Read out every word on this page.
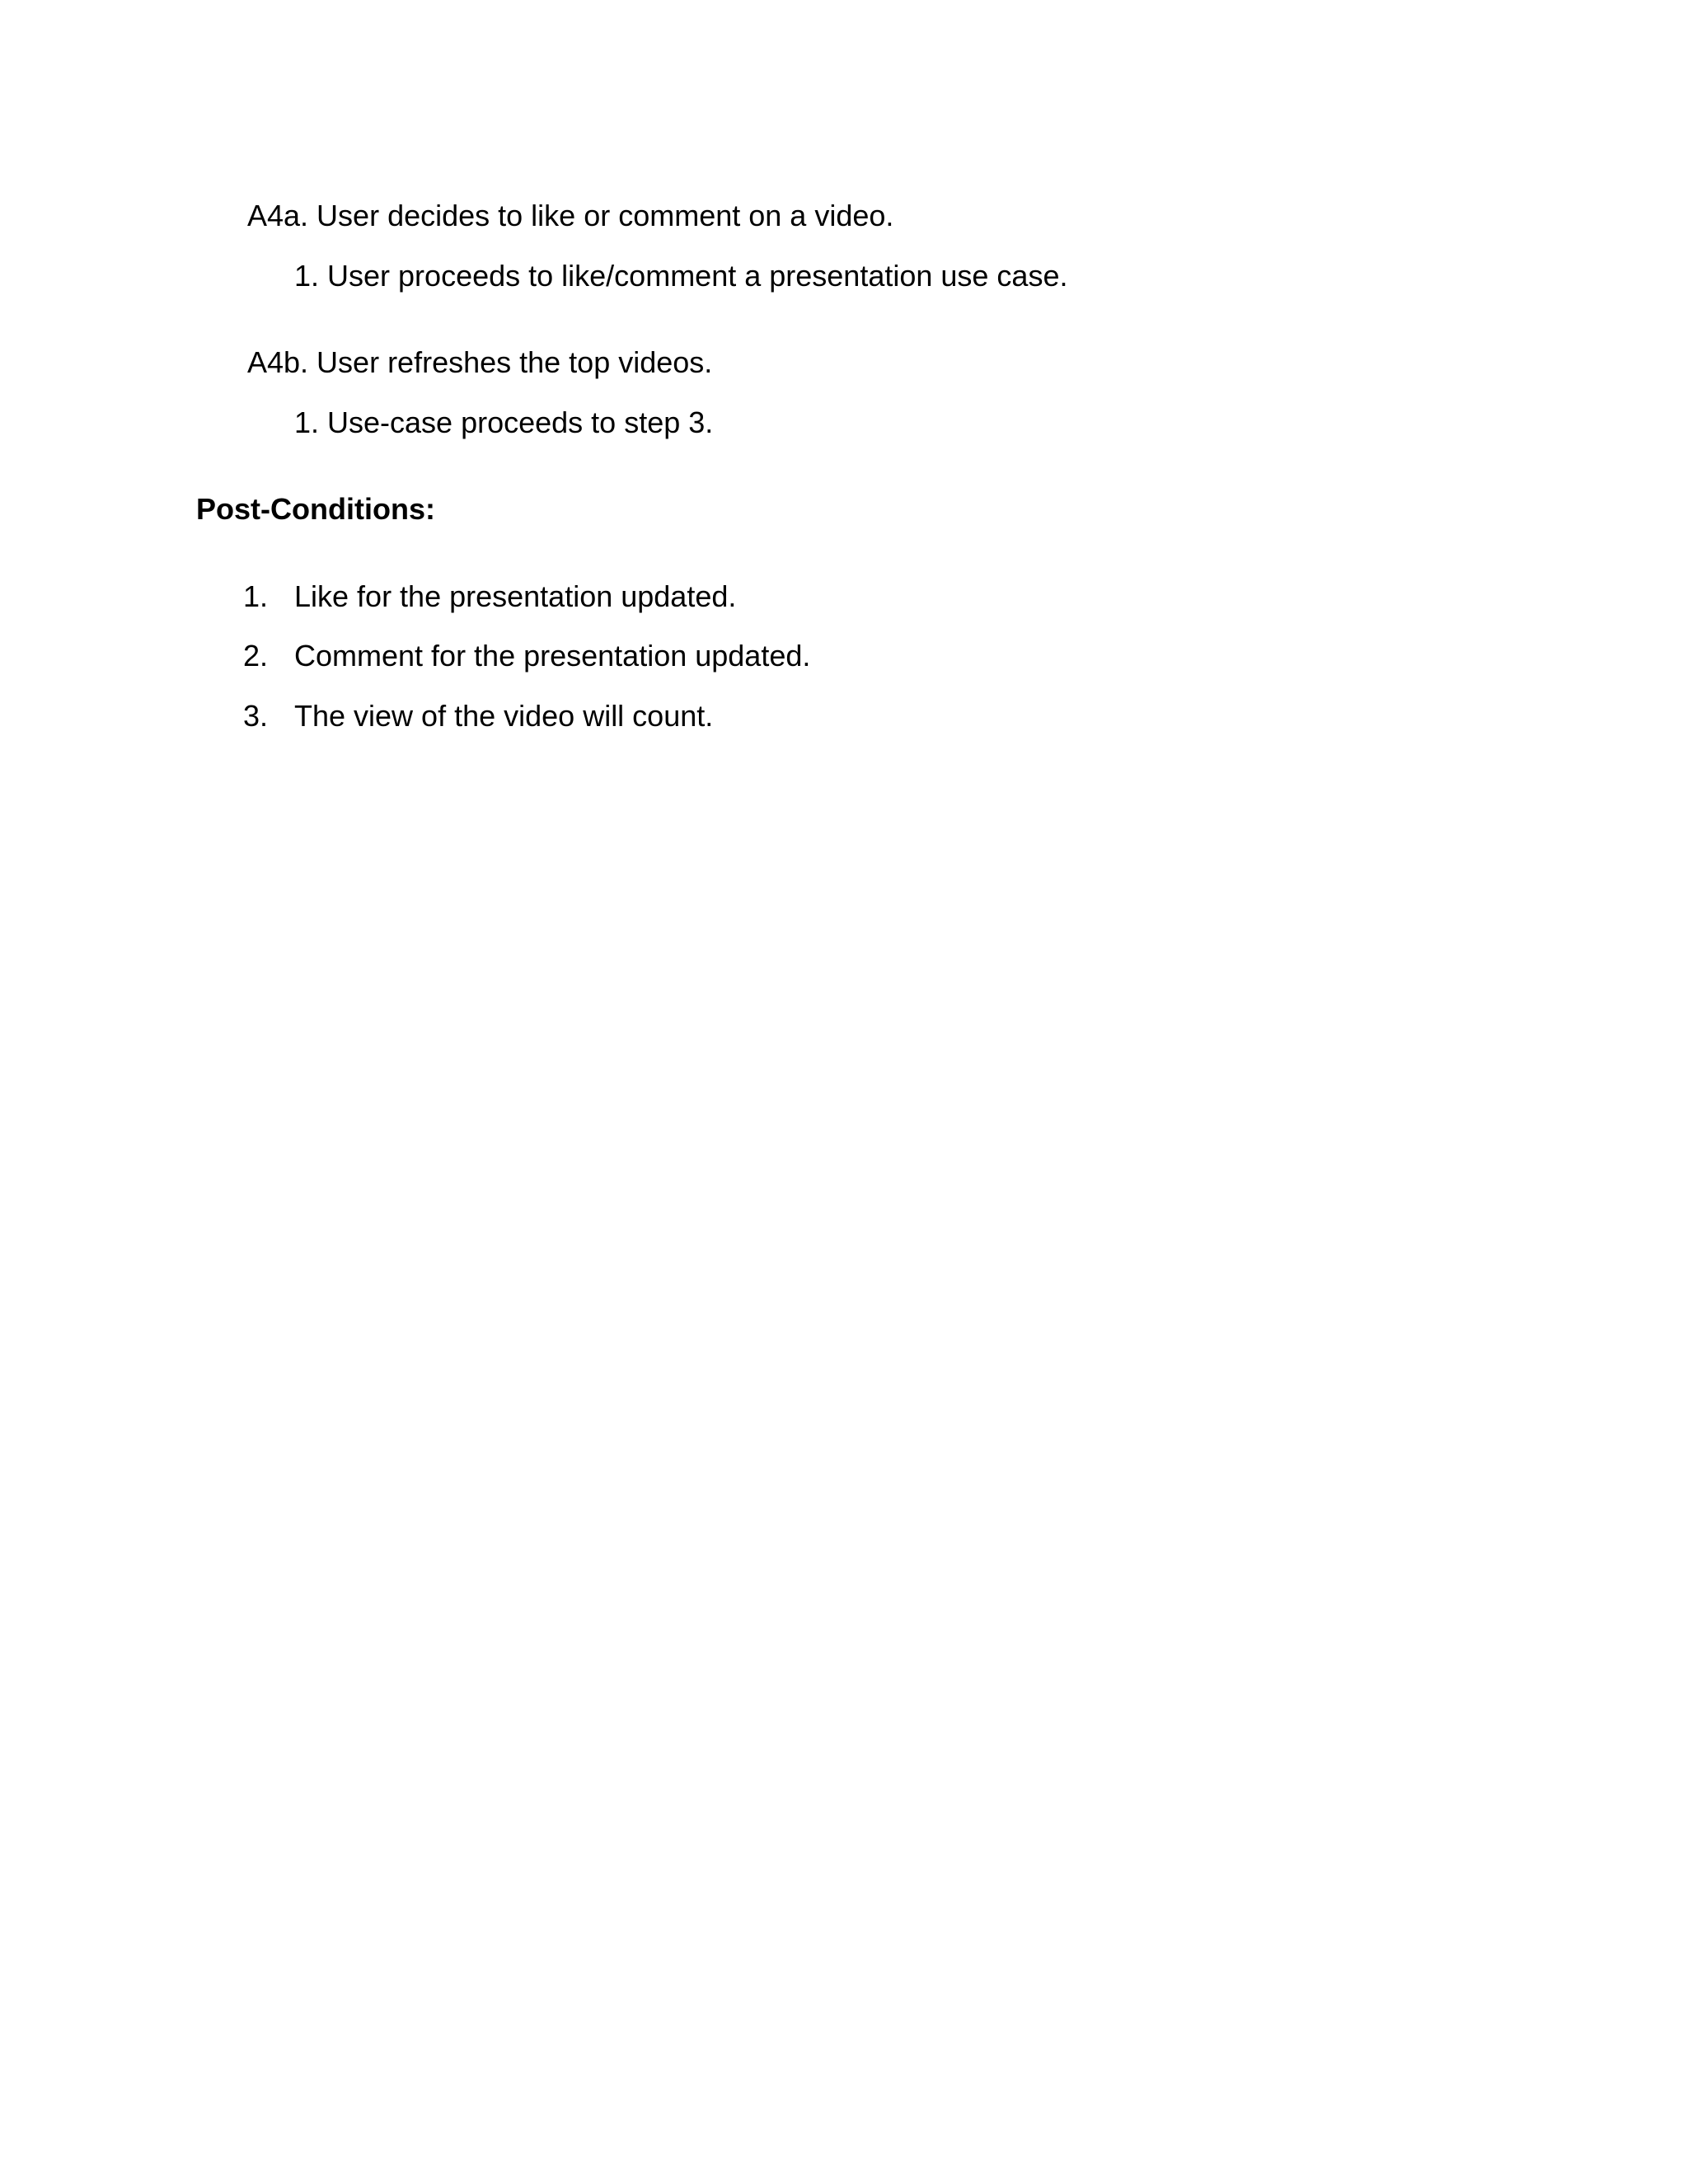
A4a. User decides to like or comment on a video.
1. User proceeds to like/comment a presentation use case.
A4b. User refreshes the top videos.
1. Use-case proceeds to step 3.
Post-Conditions:
1. Like for the presentation updated.
2. Comment for the presentation updated.
3. The view of the video will count.
